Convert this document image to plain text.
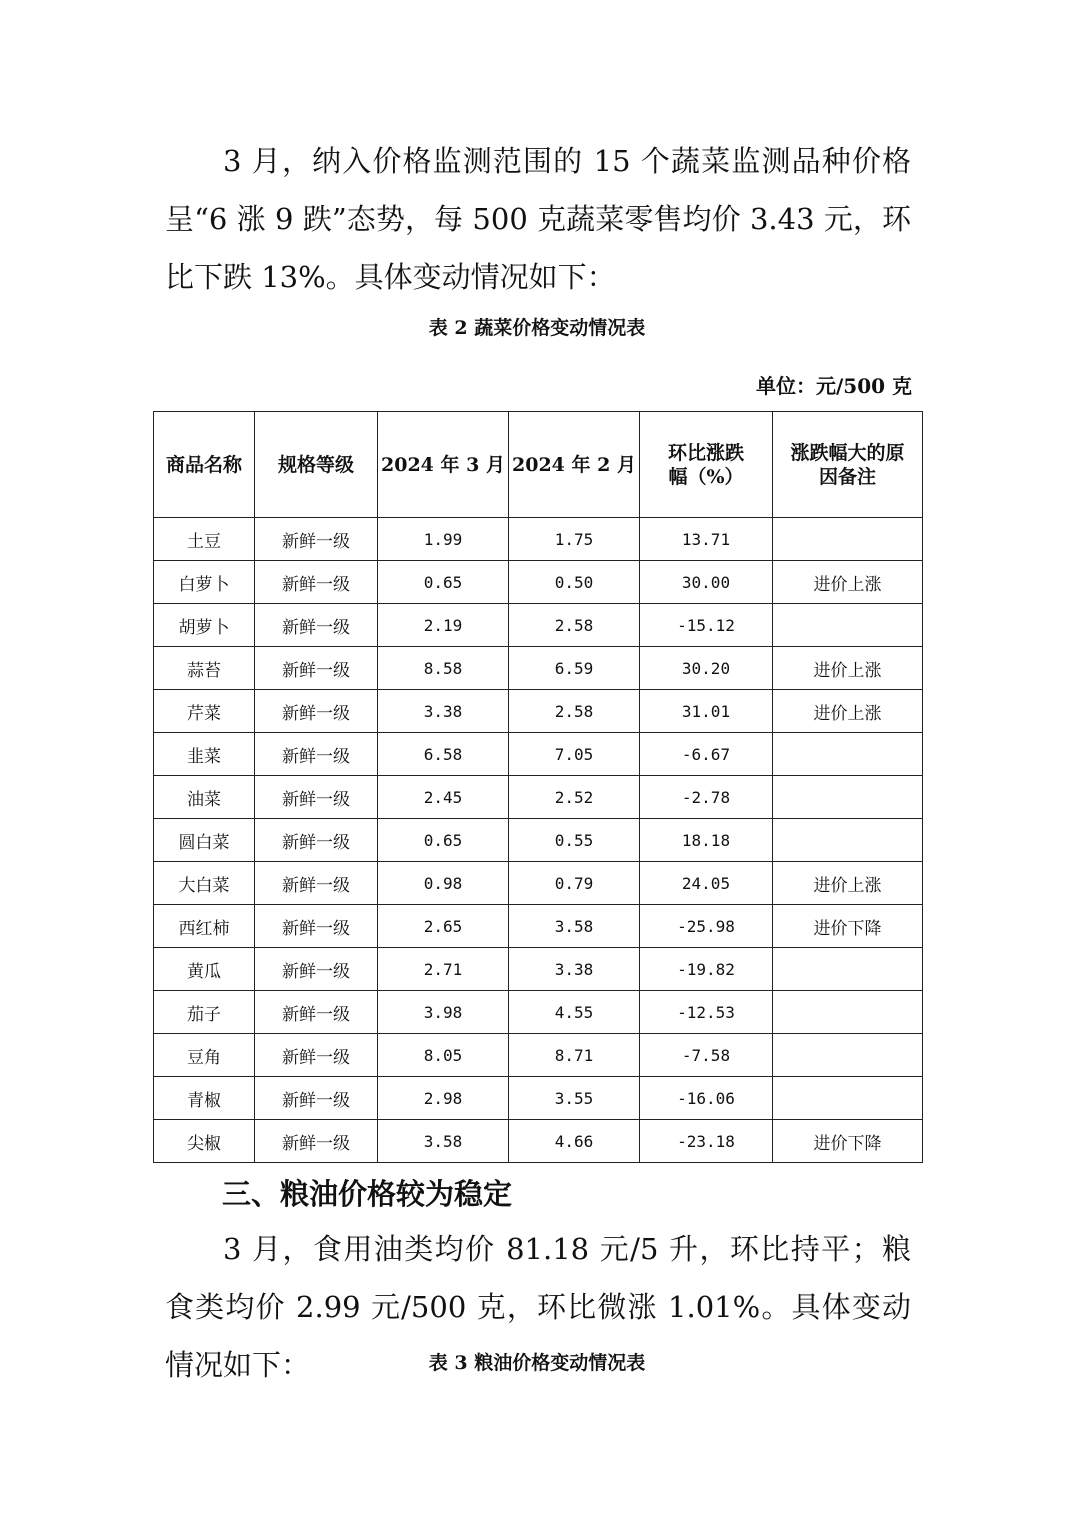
3 月，纳入价格监测范围的 15 个蔬菜监测品种价格呈“6 涨 9 跌”态势，每 500 克蔬菜零售均价 3.43 元，环比下跌 13%。具体变动情况如下：

表 2 蔬菜价格变动情况表
单位：元/500 克
商品名称	规格等级	2024 年 3 月	2024 年 2 月	环比涨跌幅（%）	涨跌幅大的原因备注
土豆	新鲜一级	1.99	1.75	13.71	
白萝卜	新鲜一级	0.65	0.50	30.00	进价上涨
胡萝卜	新鲜一级	2.19	2.58	-15.12	
蒜苔	新鲜一级	8.58	6.59	30.20	进价上涨
芹菜	新鲜一级	3.38	2.58	31.01	进价上涨
韭菜	新鲜一级	6.58	7.05	-6.67	
油菜	新鲜一级	2.45	2.52	-2.78	
圆白菜	新鲜一级	0.65	0.55	18.18	
大白菜	新鲜一级	0.98	0.79	24.05	进价上涨
西红柿	新鲜一级	2.65	3.58	-25.98	进价下降
黄瓜	新鲜一级	2.71	3.38	-19.82	
茄子	新鲜一级	3.98	4.55	-12.53	
豆角	新鲜一级	8.05	8.71	-7.58	
青椒	新鲜一级	2.98	3.55	-16.06	
尖椒	新鲜一级	3.58	4.66	-23.18	进价下降
三、粮油价格较为稳定

3 月，食用油类均价 81.18 元/5 升，环比持平；粮食类均价 2.99 元/500 克，环比微涨 1.01%。具体变动情况如下：	表 3 粮油价格变动情况表
